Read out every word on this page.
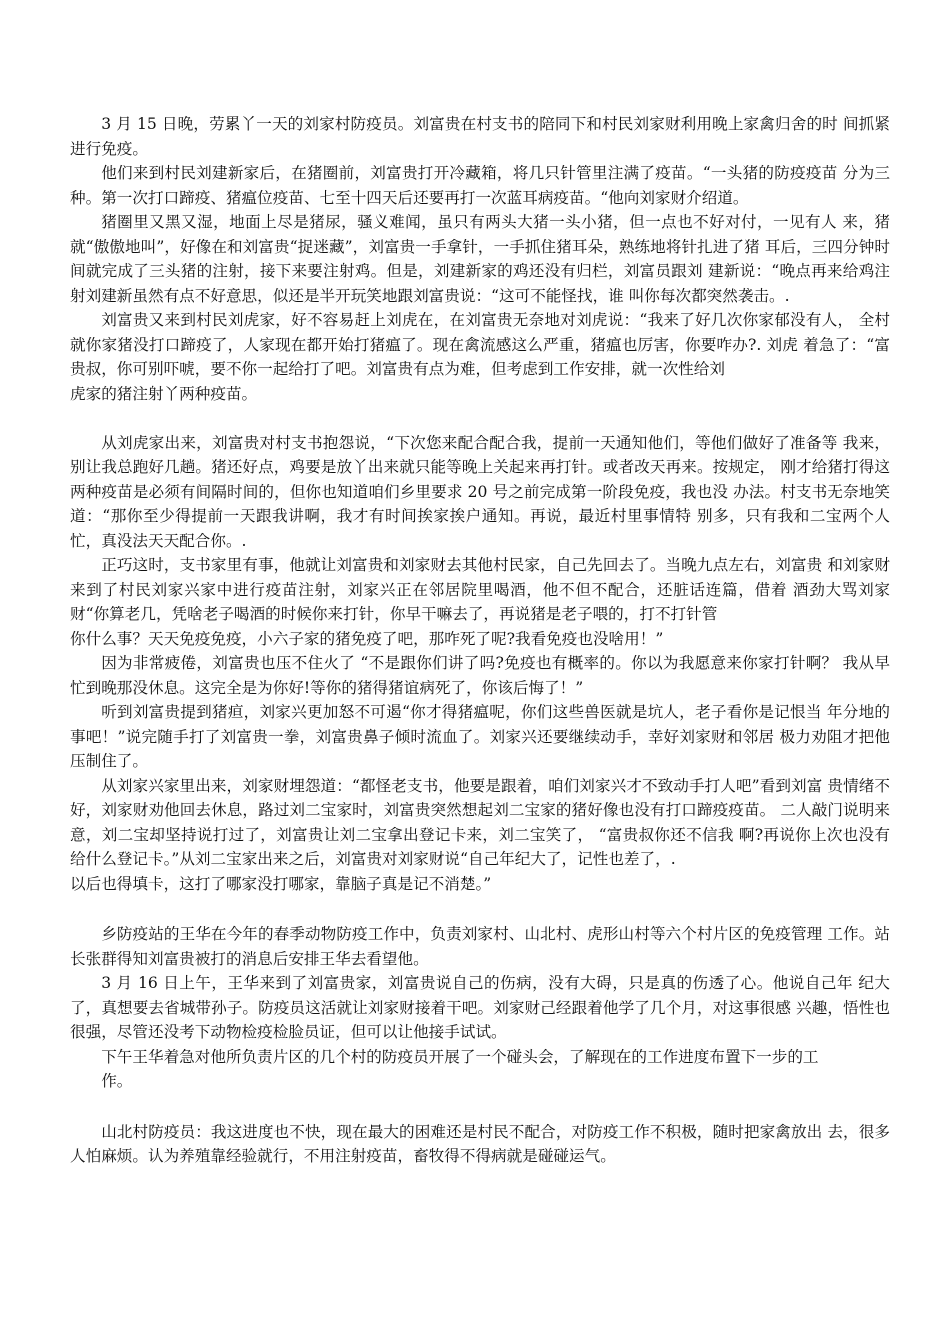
3 月 15 日晚，劳累丫一天的刘家村防疫员。刘富贵在村支书的陪同下和村民刘家财利用晚上家禽归舍的时 间抓紧进行免疫。

他们来到村民刘建新家后，在猪圈前，刘富贵打开冷藏箱，将几只针管里注满了疫苗。“一头猪的防疫疫苗 分为三种。第一次打口蹄疫、猪瘟位疫苗、七至十四天后还要再打一次蓝耳病疫苗。“他向刘家财介绍道。

猪圈里又黑又湿，地面上尽是猪尿，骚义难闻，虽只有两头大猪一头小猪，但一点也不好对付，一见有人 来，猪就“傲傲地叫”，好像在和刘富贵“捉迷藏”，刘富贵一手拿针，一手抓住猪耳朵，熟练地将针扎进了猪 耳后，三四分钟时间就完成了三头猪的注射，接下来要注射鸡。但是，刘建新家的鸡还没有归栏，刘富员跟刘 建新说：“晚点再来给鸡注射刘建新虽然有点不好意思，似还是半开玩笑地跟刘富贵说：“这可不能怪找，谁 叫你每次都突然袭击。.

刘富贵又来到村民刘虎家，好不容易赶上刘虎在，在刘富贵无奈地对刘虎说：“我来了好几次你家郁没有人， 全村就你家猪没打口蹄疫了，人家现在都开始打猪瘟了。现在禽流感这么严重，猪瘟也厉害，你要咋办?. 刘虎 着急了：“富贵叔，你可别吓唬，要不你一起给打了吧。刘富贵有点为难，但考虑到工作安排，就一次性给刘

虎家的猪注射丫两种疫苗。

从刘虎家出来，刘富贵对村支书抱怨说，“下次您来配合配合我，提前一天通知他们，等他们做好了准备等 我来，别让我总跑好几趟。猪还好点，鸡要是放丫出来就只能等晚上关起来再打针。或者改天再来。按规定， 刚才给猪打得这两种疫苗是必须有间隔时间的，但你也知道咱们乡里要求 20 号之前完成第一阶段免疫，我也没 办法。村支书无奈地笑道：“那你至少得提前一天跟我讲啊，我才有时间挨家挨户通知。再说，最近村里事情特 别多，只有我和二宝两个人忙，真没法天天配合你。.

正巧这时，支书家里有事，他就让刘富贵和刘家财去其他村民家，自己先回去了。当晚九点左右，刘富贵 和刘家财来到了村民刘家兴家中进行疫苗注射，刘家兴正在邻居院里喝酒，他不但不配合，还脏话连篇，借着 酒劲大骂刘家财“你算老几，凭啥老子喝酒的时候你来打针，你早干嘛去了，再说猪是老子喂的，打不打针管

你什么事？天天免疫免疫，小六子家的猪免疫了吧，那咋死了呢?我看免疫也没啥用！”

因为非常疲倦，刘富贵也压不住火了 “不是跟你们讲了吗?免疫也有概率的。你以为我愿意来你家打针啊？ 我从早忙到晚那没休息。这完全是为你好!等你的猪得猪谊病死了，你该后悔了！”

听到刘富贵提到猪疸，刘家兴更加怒不可遏“你才得猪瘟呢，你们这些兽医就是坑人，老子看你是记恨当 年分地的事吧！”说完随手打了刘富贵一拳，刘富贵鼻子倾时流血了。刘家兴还要继续动手，幸好刘家财和邻居 极力劝阻才把他压制住了。

从刘家兴家里出来，刘家财埋怨道：“都怪老支书，他要是跟着，咱们刘家兴才不致动手打人吧”看到刘富 贵情绪不好，刘家财劝他回去休息，路过刘二宝家时，刘富贵突然想起刘二宝家的猪好像也没有打口蹄疫疫苗。 二人敲门说明来意，刘二宝却坚持说打过了，刘富贵让刘二宝拿出登记卡来，刘二宝笑了， “富贵叔你还不信我 啊?再说你上次也没有给什么登记卡。”从刘二宝家出来之后，刘富贵对刘家财说“自己年纪大了，记性也差了，.

以后也得填卡，这打了哪家没打哪家，靠脑子真是记不消楚。”

乡防疫站的王华在今年的春季动物防疫工作中，负责刘家村、山北村、虎形山村等六个村片区的免疫管理 工作。站长张群得知刘富贵被打的消息后安排王华去看望他。

3 月 16 日上午，王华来到了刘富贵家，刘富贵说自己的伤病，没有大碍，只是真的伤透了心。他说自己年 纪大了，真想要去省城带孙子。防疫员这活就让刘家财接着干吧。刘家财己经跟着他学了几个月，对这事很感 兴趣，悟性也很强，尽管还没考下动物检疫检脸员证，但可以让他接手试试。

下午王华着急对他所负责片区的几个村的防疫员开展了一个碰头会，了解现在的工作进度布置下一步的工

作。

山北村防疫员：我这进度也不快，现在最大的困难还是村民不配合，对防疫工作不积极，随时把家禽放出 去，很多人怕麻烦。认为养殖靠经验就行，不用注射疫苗，畜牧得不得病就是碰碰运气。
